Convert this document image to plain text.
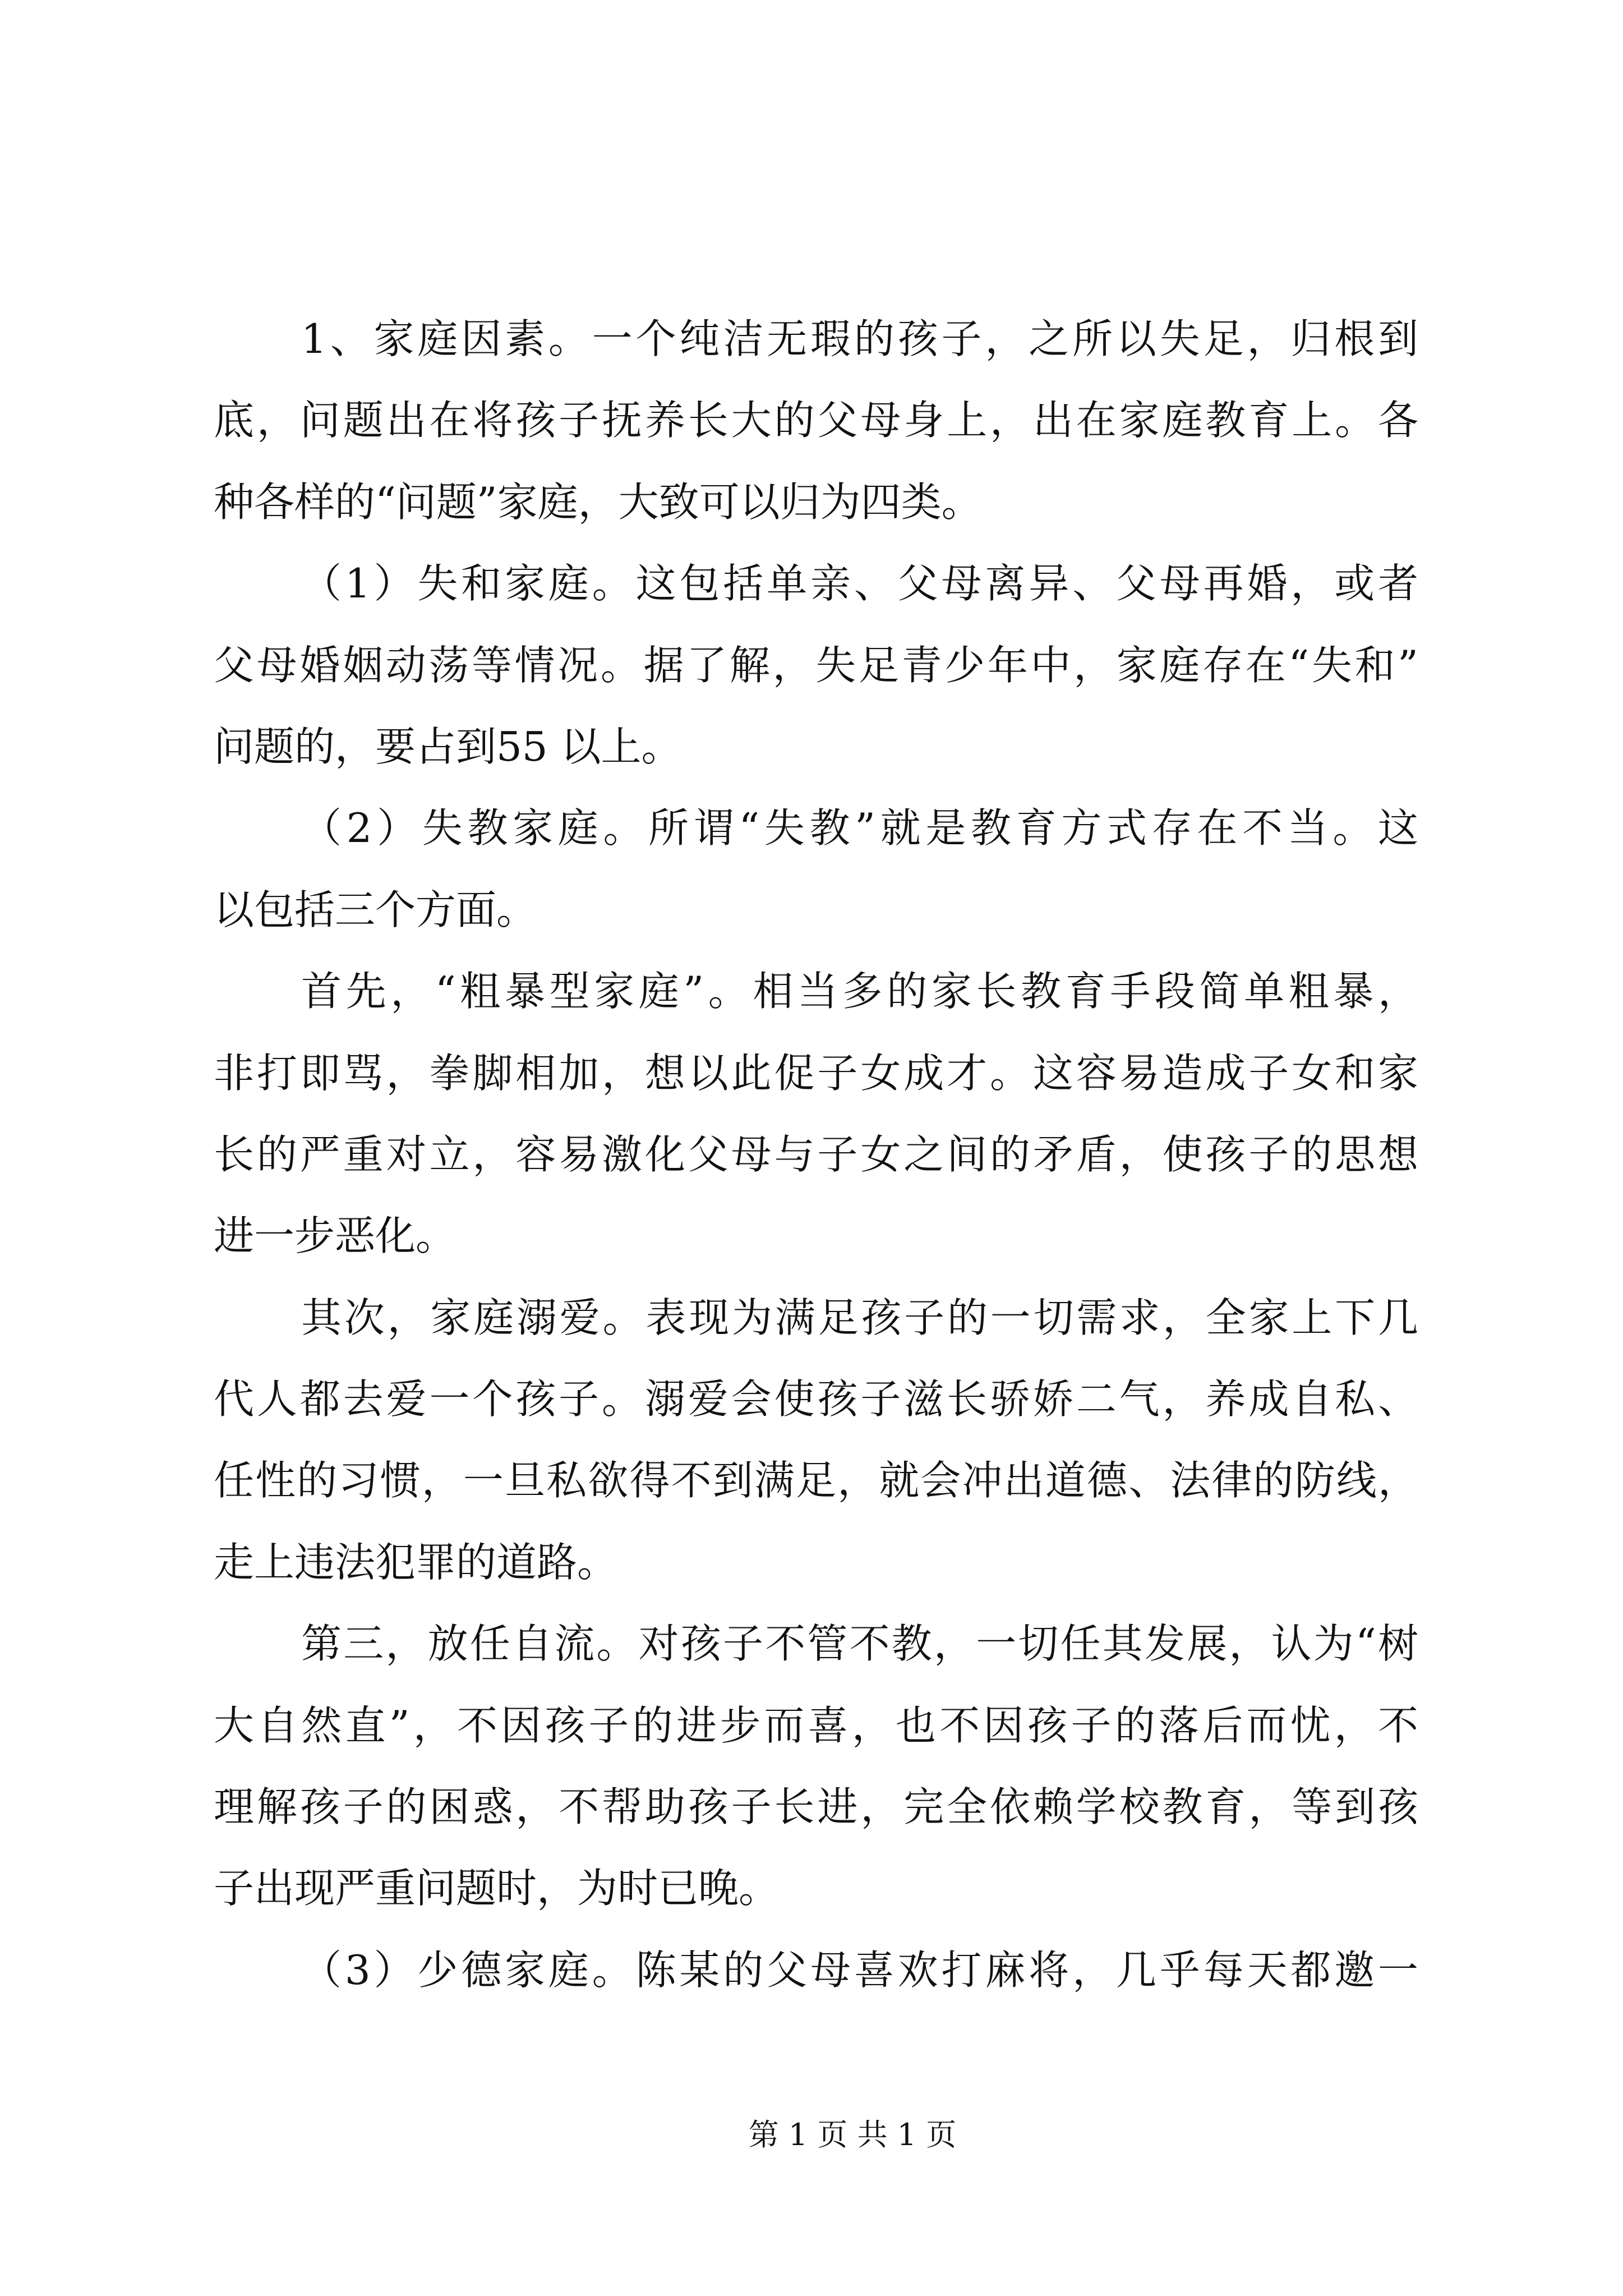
1、家庭因素。一个纯洁无瑕的孩子，之所以失足，归根到
底，问题出在将孩子抚养长大的父母身上，出在家庭教育上。各
种各样的“问题”家庭，大致可以归为四类。
（1）失和家庭。这包括单亲、父母离异、父母再婚，或者
父母婚姻动荡等情况。据了解，失足青少年中，家庭存在“失和”
问题的，要占到55 以上。
（2）失教家庭。所谓“失教”就是教育方式存在不当。这
以包括三个方面。
首先，“粗暴型家庭”。相当多的家长教育手段简单粗暴，
非打即骂，拳脚相加，想以此促子女成才。这容易造成子女和家
长的严重对立，容易激化父母与子女之间的矛盾，使孩子的思想
进一步恶化。
其次，家庭溺爱。表现为满足孩子的一切需求，全家上下几
代人都去爱一个孩子。溺爱会使孩子滋长骄娇二气，养成自私、
任性的习惯，一旦私欲得不到满足，就会冲出道德、法律的防线，
走上违法犯罪的道路。
第三，放任自流。对孩子不管不教，一切任其发展，认为“树
大自然直”，不因孩子的进步而喜，也不因孩子的落后而忧，不
理解孩子的困惑，不帮助孩子长进，完全依赖学校教育，等到孩
子出现严重问题时，为时已晚。
（3）少德家庭。陈某的父母喜欢打麻将，几乎每天都邀一
第 1 页 共 1 页
